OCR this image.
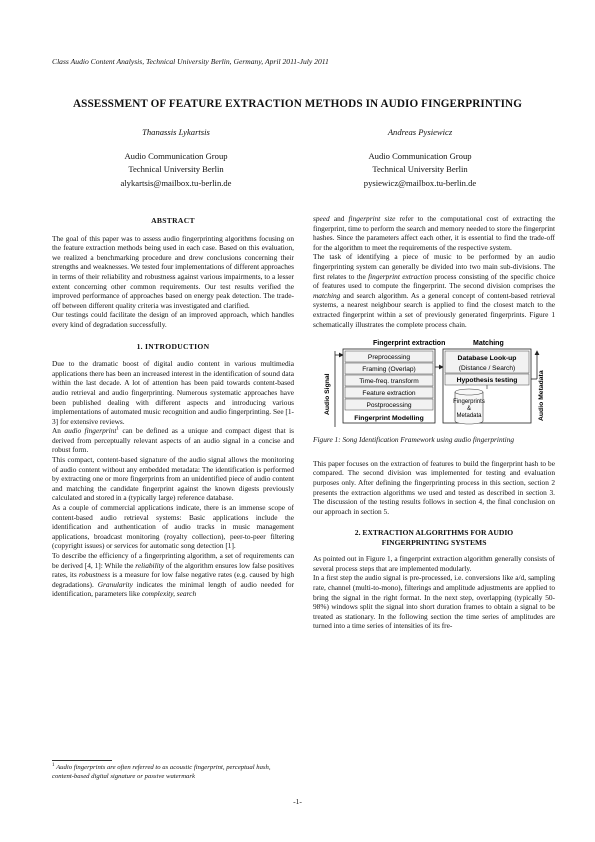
Class Audio Content Analysis, Technical University Berlin, Germany, April 2011-July 2011
ASSESSMENT OF FEATURE EXTRACTION METHODS IN AUDIO FINGERPRINTING
Thanassis Lykartsis
Audio Communication Group
Technical University Berlin
alykartsis@mailbox.tu-berlin.de
Andreas Pysiewicz
Audio Communication Group
Technical University Berlin
pysiewicz@mailbox.tu-berlin.de
ABSTRACT

The goal of this paper was to assess audio fingerprinting algorithms focusing on the feature extraction methods being used in each case. Based on this evaluation, we realized a benchmarking procedure and drew conclusions concerning their strengths and weaknesses. We tested four implementations of different approaches in terms of their reliability and robustness against various impairments, to a lesser extent concerning other common requirements. Our test results verified the improved performance of approaches based on energy peak detection. The trade-off between different quality criteria was investigated and clarified.

Our testings could facilitate the design of an improved approach, which handles every kind of degradation successfully.

1. INTRODUCTION

Due to the dramatic boost of digital audio content in various multimedia applications there has been an increased interest in the identification of sound data within the last decade. A lot of attention has been paid towards content-based audio retrieval and audio fingerprinting. Numerous systematic approaches have been published dealing with different aspects and introducing various implementations of automated music recognition and audio fingerprinting. See [1-3] for extensive reviews.

An audio fingerprint$^1$ can be defined as a unique and compact digest that is derived from perceptually relevant aspects of an audio signal in a concise and robust form.

This compact, content-based signature of the audio signal allows the monitoring of audio content without any embedded metadata: The identification is performed by extracting one or more fingerprints from an unidentified piece of audio content and matching the candidate fingerprint against the known digests previously calculated and stored in a (typically large) reference database.

As a couple of commercial applications indicate, there is an immense scope of content-based audio retrieval systems: Basic applications include the identification and authentication of audio tracks in music management applications, broadcast monitoring (royalty collection), peer-to-peer filtering (copyright issues) or services for automatic song detection [1].

To describe the efficiency of a fingerprinting algorithm, a set of requirements can be derived [4, 1]: While the reliability of the algorithm ensures low false positives rates, its robustness is a measure for low false negative rates (e.g. caused by high degradations). Granularity indicates the minimal length of audio needed for identification, parameters like complexity, search

$^1$ Audio fingerprints are often referred to as acoustic fingerprint, perceptual hash, content-based digital signature or passive watermark

speed and fingerprint size refer to the computational cost of extracting the fingerprint, time to perform the search and memory needed to store the fingerprint hashes. Since the parameters affect each other, it is essential to find the trade-off for the algorithm to meet the requirements of the respective system.

The task of identifying a piece of music to be performed by an audio fingerprinting system can generally be divided into two main sub-divisions. The first relates to the fingerprint extraction process consisting of the specific choice of features used to compute the fingerprint. The second division comprises the matching and search algorithm. As a general concept of content-based retrieval systems, a nearest neighbour search is applied to find the closest match to the extracted fingerprint within a set of previously generated fingerprints. Figure 1 schematically illustrates the complete process chain.

Fingerprint extraction	Matching
Audio Signal	Audio Metadata
Preprocessing
Framing (Overlap)
Time-freq. transform
Feature extraction
Postprocessing
Fingerprint Modelling
Database Look-up
(Distance / Search)
Hypothesis testing
Fingerprints
&
Metadata
Figure 1: Song Identification Framework using audio fingerprinting

This paper focuses on the extraction of features to build the fingerprint hash to be compared. The second division was implemented for testing and evaluation purposes only. After defining the fingerprinting process in this section, section 2 presents the extraction algorithms we used and tested as described in section 3. The discussion of the testing results follows in section 4, the final conclusion on our approach in section 5.

2. EXTRACTION ALGORITHMS FOR AUDIO
FINGERPRINTING SYSTEMS

As pointed out in Figure 1, a fingerprint extraction algorithm generally consists of several process steps that are implemented modularly.

In a first step the audio signal is pre-processed, i.e. conversions like a/d, sampling rate, channel (multi-to-mono), filterings and amplitude adjustments are applied to bring the signal in the right format. In the next step, overlapping (typically 50-98%) windows split the signal into short duration frames to obtain a signal to be treated as stationary. In the following section the time series of amplitudes are turned into a time series of intensities of its fre-

-1-
